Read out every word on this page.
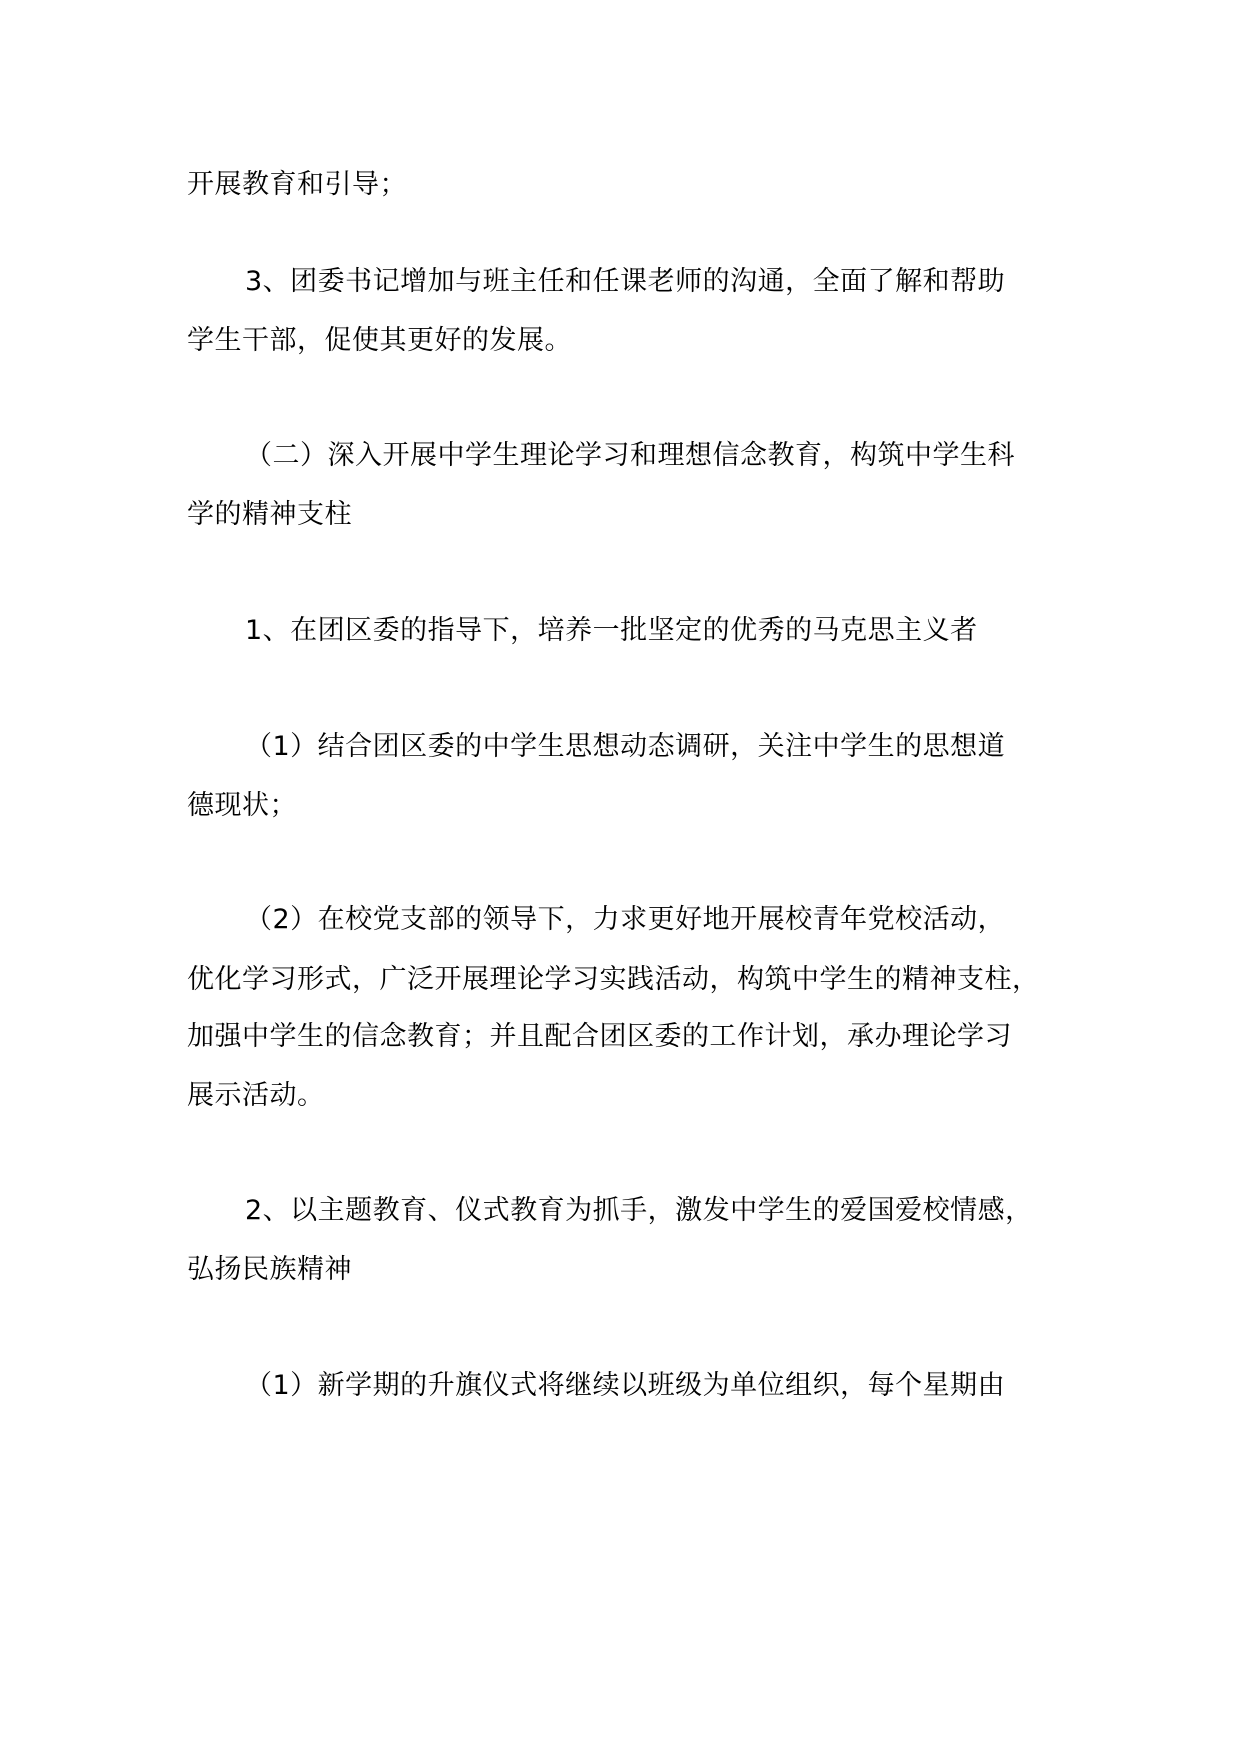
开展教育和引导；
3、团委书记增加与班主任和任课老师的沟通，全面了解和帮助
学生干部，促使其更好的发展。
（二）深入开展中学生理论学习和理想信念教育，构筑中学生科
学的精神支柱
1、在团区委的指导下，培养一批坚定的优秀的马克思主义者
（1）结合团区委的中学生思想动态调研，关注中学生的思想道
德现状；
（2）在校党支部的领导下，力求更好地开展校青年党校活动，
优化学习形式，广泛开展理论学习实践活动，构筑中学生的精神支柱，
加强中学生的信念教育；并且配合团区委的工作计划，承办理论学习
展示活动。
2、以主题教育、仪式教育为抓手，激发中学生的爱国爱校情感，
弘扬民族精神
（1）新学期的升旗仪式将继续以班级为单位组织，每个星期由
